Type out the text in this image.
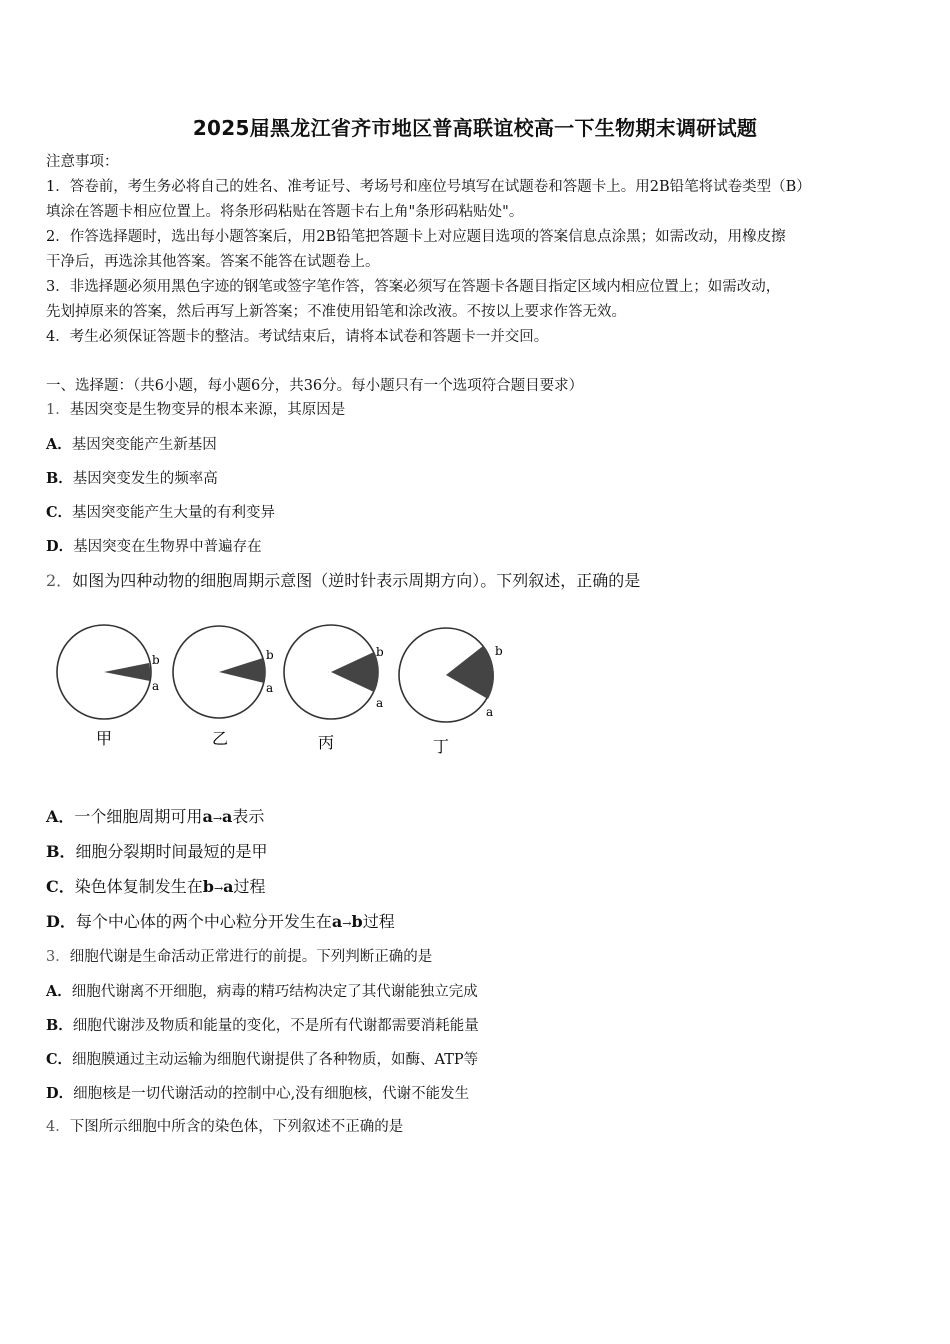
2025届黑龙江省齐市地区普高联谊校高一下生物期末调研试题

注意事项：

1．答卷前，考生务必将自己的姓名、准考证号、考场号和座位号填写在试题卷和答题卡上。用2B铅笔将试卷类型（B）

填涂在答题卡相应位置上。将条形码粘贴在答题卡右上角"条形码粘贴处"。

2．作答选择题时，选出每小题答案后，用2B铅笔把答题卡上对应题目选项的答案信息点涂黑；如需改动，用橡皮擦

干净后，再选涂其他答案。答案不能答在试题卷上。

3．非选择题必须用黑色字迹的钢笔或签字笔作答，答案必须写在答题卡各题目指定区域内相应位置上；如需改动，

先划掉原来的答案，然后再写上新答案；不准使用铅笔和涂改液。不按以上要求作答无效。

4．考生必须保证答题卡的整洁。考试结束后，请将本试卷和答题卡一并交回。

一、选择题：（共6小题，每小题6分，共36分。每小题只有一个选项符合题目要求）
1．基因突变是生物变异的根本来源，其原因是
A．基因突变能产生新基因
B．基因突变发生的频率高
C．基因突变能产生大量的有利变异
D．基因突变在生物界中普遍存在
2．如图为四种动物的细胞周期示意图（逆时针表示周期方向）。下列叙述，正确的是
b
a
甲
b
a
乙
b
a
丙
b
a
丁
A．一个细胞周期可用a→a表示
B．细胞分裂期时间最短的是甲
C．染色体复制发生在b→a过程
D．每个中心体的两个中心粒分开发生在a→b过程
3．细胞代谢是生命活动正常进行的前提。下列判断正确的是
A．细胞代谢离不开细胞，病毒的精巧结构决定了其代谢能独立完成
B．细胞代谢涉及物质和能量的变化，不是所有代谢都需要消耗能量
C．细胞膜通过主动运输为细胞代谢提供了各种物质，如酶、ATP等
D．细胞核是一切代谢活动的控制中心,没有细胞核，代谢不能发生
4．下图所示细胞中所含的染色体，下列叙述不正确的是
